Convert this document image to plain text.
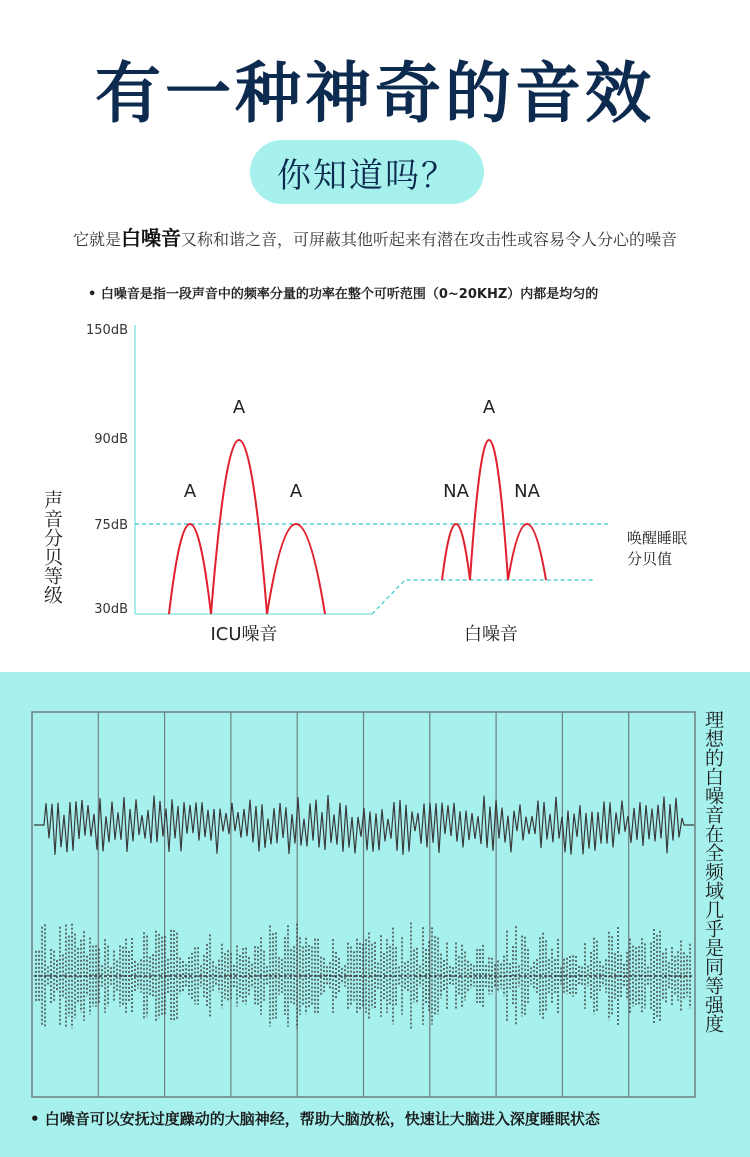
有一种神奇的音效
你知道吗？
它就是白噪音又称和谐之音，可屏蔽其他听起来有潜在攻击性或容易令人分心的噪音
• 白噪音是指一段声音中的频率分量的功率在整个可听范围（0~20KHZ）内都是均匀的
150dB
90dB
75dB
30dB
声音分贝等级	唤醒睡眠
分贝值
A
A
A	NA
A
NA
ICU噪音	白噪音
理想的白噪音在全频域几乎是同等强度
• 白噪音可以安抚过度躁动的大脑神经，帮助大脑放松，快速让大脑进入深度睡眠状态
